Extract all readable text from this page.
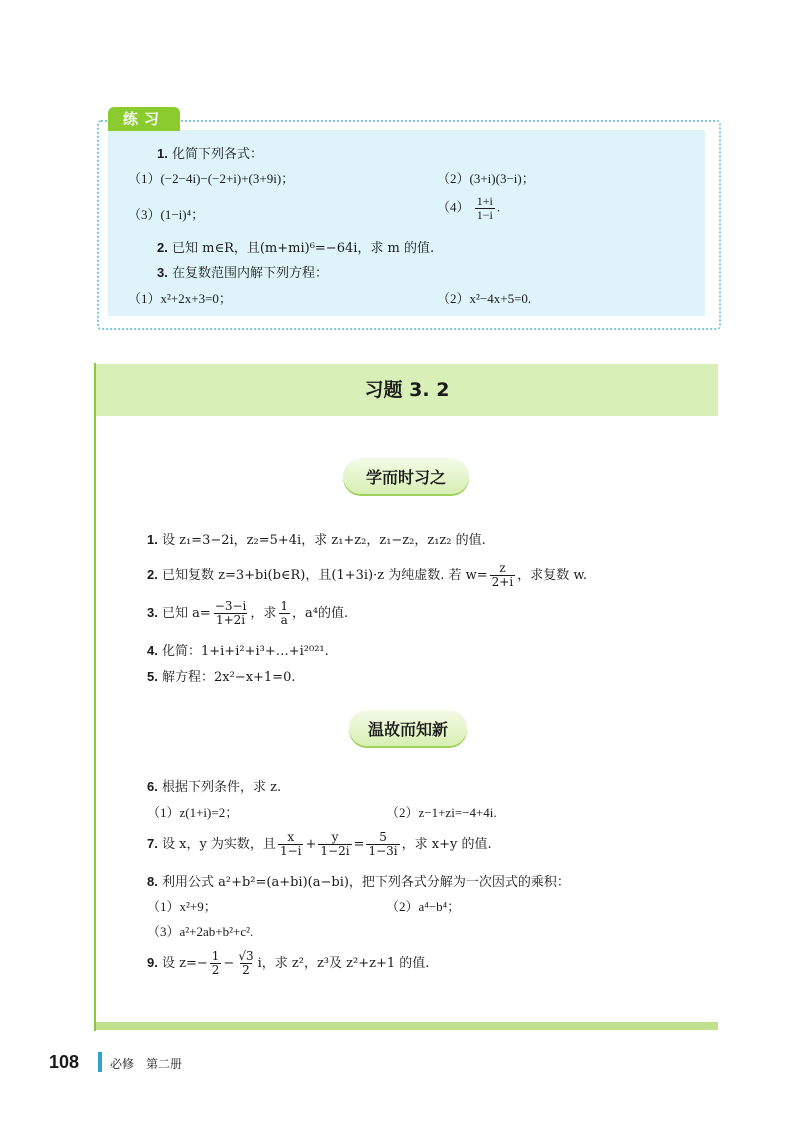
练习
1. 化简下列各式：
（1）(−2−4i)−(−2+i)+(3+9i)；	（2）(3+i)(3−i)；
（3）(1−i)⁴；
$(4) \frac{1+i}{1-i}$ .
2. 已知 m∈R，且(m+mi)⁶=−64i，求 m 的值.
3. 在复数范围内解下列方程：
（1）x²+2x+3=0；	（2）x²−4x+5=0.
习题 3. 2
学而时习之
1. 设 z₁=3−2i，z₂=5+4i，求 z₁+z₂，z₁−z₂，z₁z₂ 的值.
2. 已知复数 z=3+bi(b∈R)，且(1+3i)·z 为纯虚数. 若 $w= \frac{z}{2+i}$ ，求复数 w.
3. 已知 $a= \frac{-3-i}{1+2i}$ ，求 $\frac{1}{a}$ ，a⁴的值.
4. 化简：1+i+i²+i³+…+i²⁰²¹.
5. 解方程：2x²−x+1=0.
温故而知新
6. 根据下列条件，求 z.
（1）z(1+i)=2；	（2）z−1+zi=−4+4i.
7. 设 x，y 为实数，且 $\frac{x}{1-i} + \frac{y}{1-2i} = \frac{5}{1-3i}$ ，求 x+y 的值.
8. 利用公式 a²+b²=(a+bi)(a−bi)，把下列各式分解为一次因式的乘积：
（1）x²+9；	（2）a⁴−b⁴；
（3）a²+2ab+b²+c².
9. 设 $z=- \frac{1}{2} - \frac{√3}{2}$ i，求 z²，z³及 z²+z+1 的值.
108	必修　第二册
